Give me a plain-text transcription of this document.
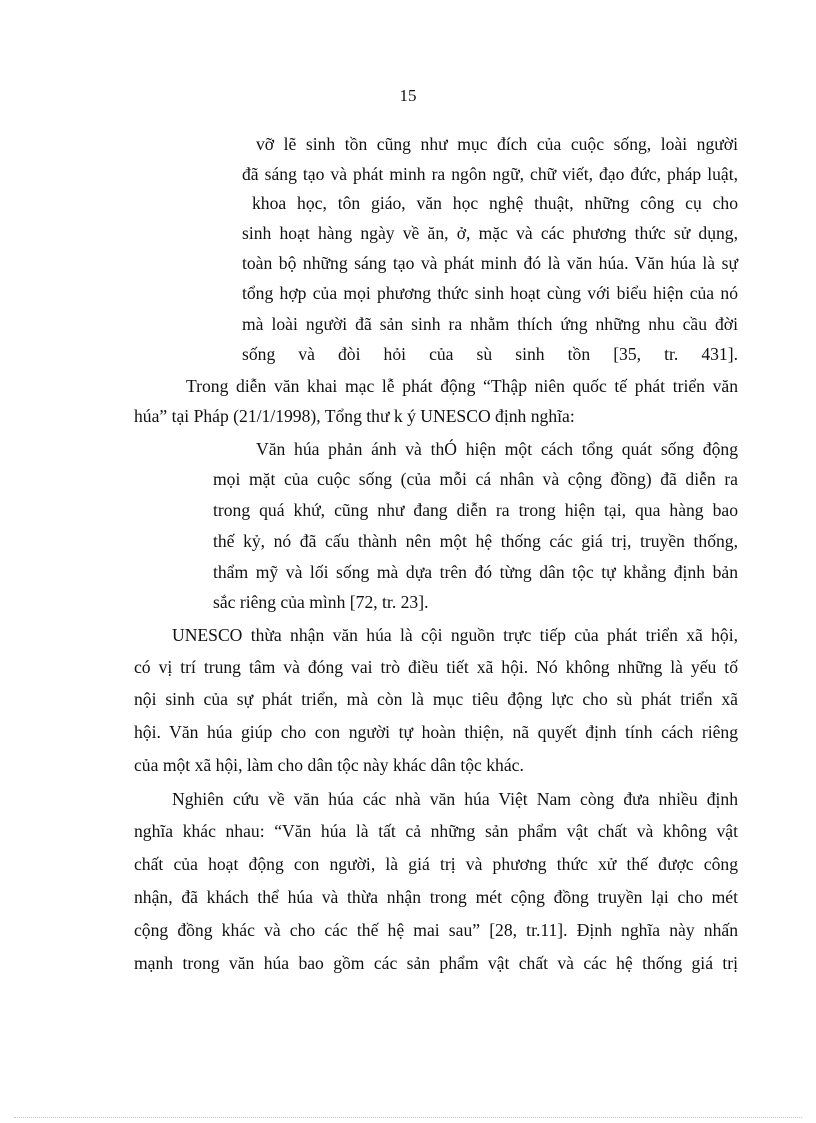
15
vỡ lẽ sinh tồn cũng như mục đích của cuộc sống, loài người
đã sáng tạo và phát minh ra ngôn ngữ, chữ viết, đạo đức, pháp luật,
khoa học, tôn giáo, văn học nghệ thuật, những công cụ cho
sinh hoạt hàng ngày về ăn, ở, mặc và các phương thức sử dụng,
toàn bộ những sáng tạo và phát minh đó là văn húa. Văn húa là sự
tổng hợp của mọi phương thức sinh hoạt cùng với biểu hiện của nó
mà loài người đã sản sinh ra nhằm thích ứng những nhu cầu đời
sống và đòi hỏi của sù sinh tồn [35, tr. 431].
Trong diễn văn khai mạc lễ phát động “Thập niên quốc tế phát triển văn
húa” tại Pháp (21/1/1998), Tổng thư k ý UNESCO định nghĩa:
Văn húa phản ánh và thÓ hiện một cách tổng quát sống động
mọi mặt của cuộc sống (của mỗi cá nhân và cộng đồng) đã diễn ra
trong quá khứ, cũng như đang diễn ra trong hiện tại, qua hàng bao
thế kỷ, nó đã cấu thành nên một hệ thống các giá trị, truyền thống,
thẩm mỹ và lối sống mà dựa trên đó từng dân tộc tự khẳng định bản
sắc riêng của mình [72, tr. 23].
UNESCO thừa nhận văn húa là cội nguồn trực tiếp của phát triển xã hội,
có vị trí trung tâm và đóng vai trò điều tiết xã hội. Nó không những là yếu tố
nội sinh của sự phát triển, mà còn là mục tiêu động lực cho sù phát triển xã
hội. Văn húa giúp cho con người tự hoàn thiện, nã quyết định tính cách riêng
của một xã hội, làm cho dân tộc này khác dân tộc khác.
Nghiên cứu về văn húa các nhà văn húa Việt Nam còng đưa nhiều định
nghĩa khác nhau: “Văn húa là tất cả những sản phẩm vật chất và không vật
chất của hoạt động con người, là giá trị và phương thức xử thế được công
nhận, đã khách thể húa và thừa nhận trong mét cộng đồng truyền lại cho mét
cộng đồng khác và cho các thế hệ mai sau” [28, tr.11]. Định nghĩa này nhấn
mạnh trong văn húa bao gồm các sản phẩm vật chất và các hệ thống giá trị
